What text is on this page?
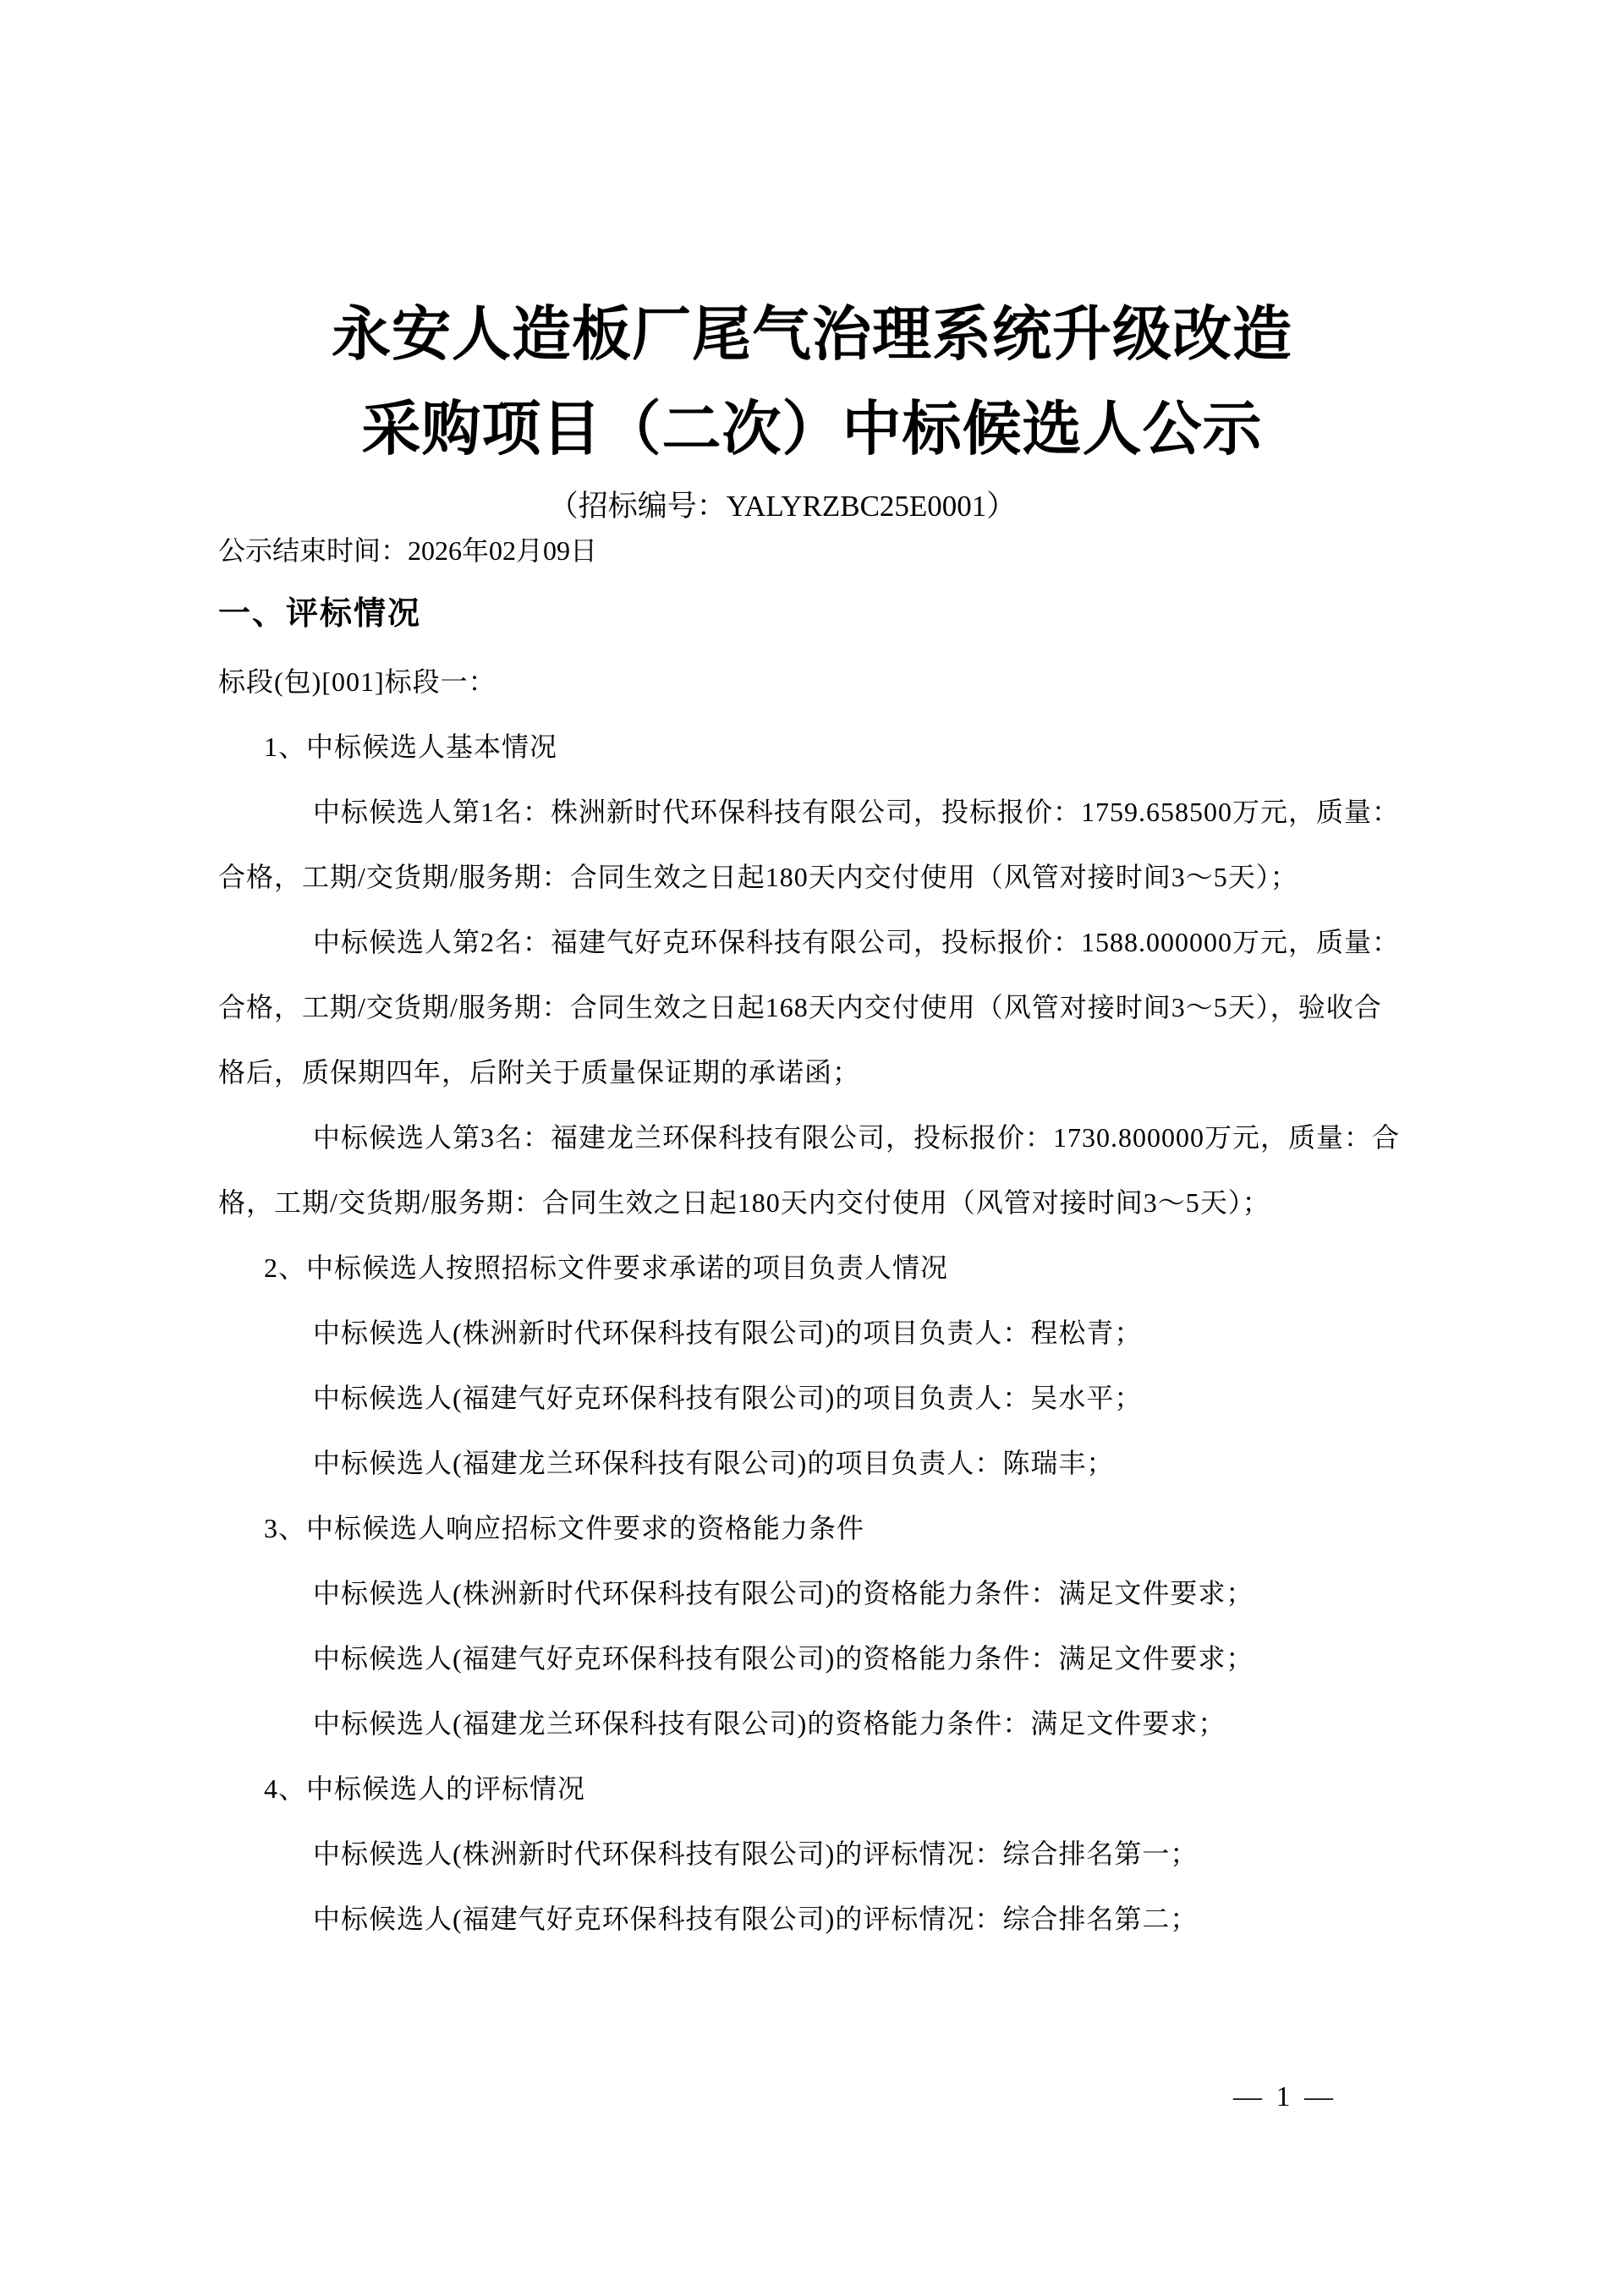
永安人造板厂尾气治理系统升级改造
采购项目（二次）中标候选人公示
（招标编号：YALYRZBC25E0001）
公示结束时间：2026年02月09日
一、评标情况
标段(包)[001]标段一：
1、中标候选人基本情况
中标候选人第1名：株洲新时代环保科技有限公司，投标报价：1759.658500万元，质量：
合格，工期/交货期/服务期：合同生效之日起180天内交付使用（风管对接时间3～5天）；
中标候选人第2名：福建气好克环保科技有限公司，投标报价：1588.000000万元，质量：
合格，工期/交货期/服务期：合同生效之日起168天内交付使用（风管对接时间3～5天），验收合
格后，质保期四年，后附关于质量保证期的承诺函；
中标候选人第3名：福建龙兰环保科技有限公司，投标报价：1730.800000万元，质量：合
格，工期/交货期/服务期：合同生效之日起180天内交付使用（风管对接时间3～5天）；
2、中标候选人按照招标文件要求承诺的项目负责人情况
中标候选人(株洲新时代环保科技有限公司)的项目负责人：程松青；
中标候选人(福建气好克环保科技有限公司)的项目负责人：吴水平；
中标候选人(福建龙兰环保科技有限公司)的项目负责人：陈瑞丰；
3、中标候选人响应招标文件要求的资格能力条件
中标候选人(株洲新时代环保科技有限公司)的资格能力条件：满足文件要求；
中标候选人(福建气好克环保科技有限公司)的资格能力条件：满足文件要求；
中标候选人(福建龙兰环保科技有限公司)的资格能力条件：满足文件要求；
4、中标候选人的评标情况
中标候选人(株洲新时代环保科技有限公司)的评标情况：综合排名第一；
中标候选人(福建气好克环保科技有限公司)的评标情况：综合排名第二；
— 1 —
